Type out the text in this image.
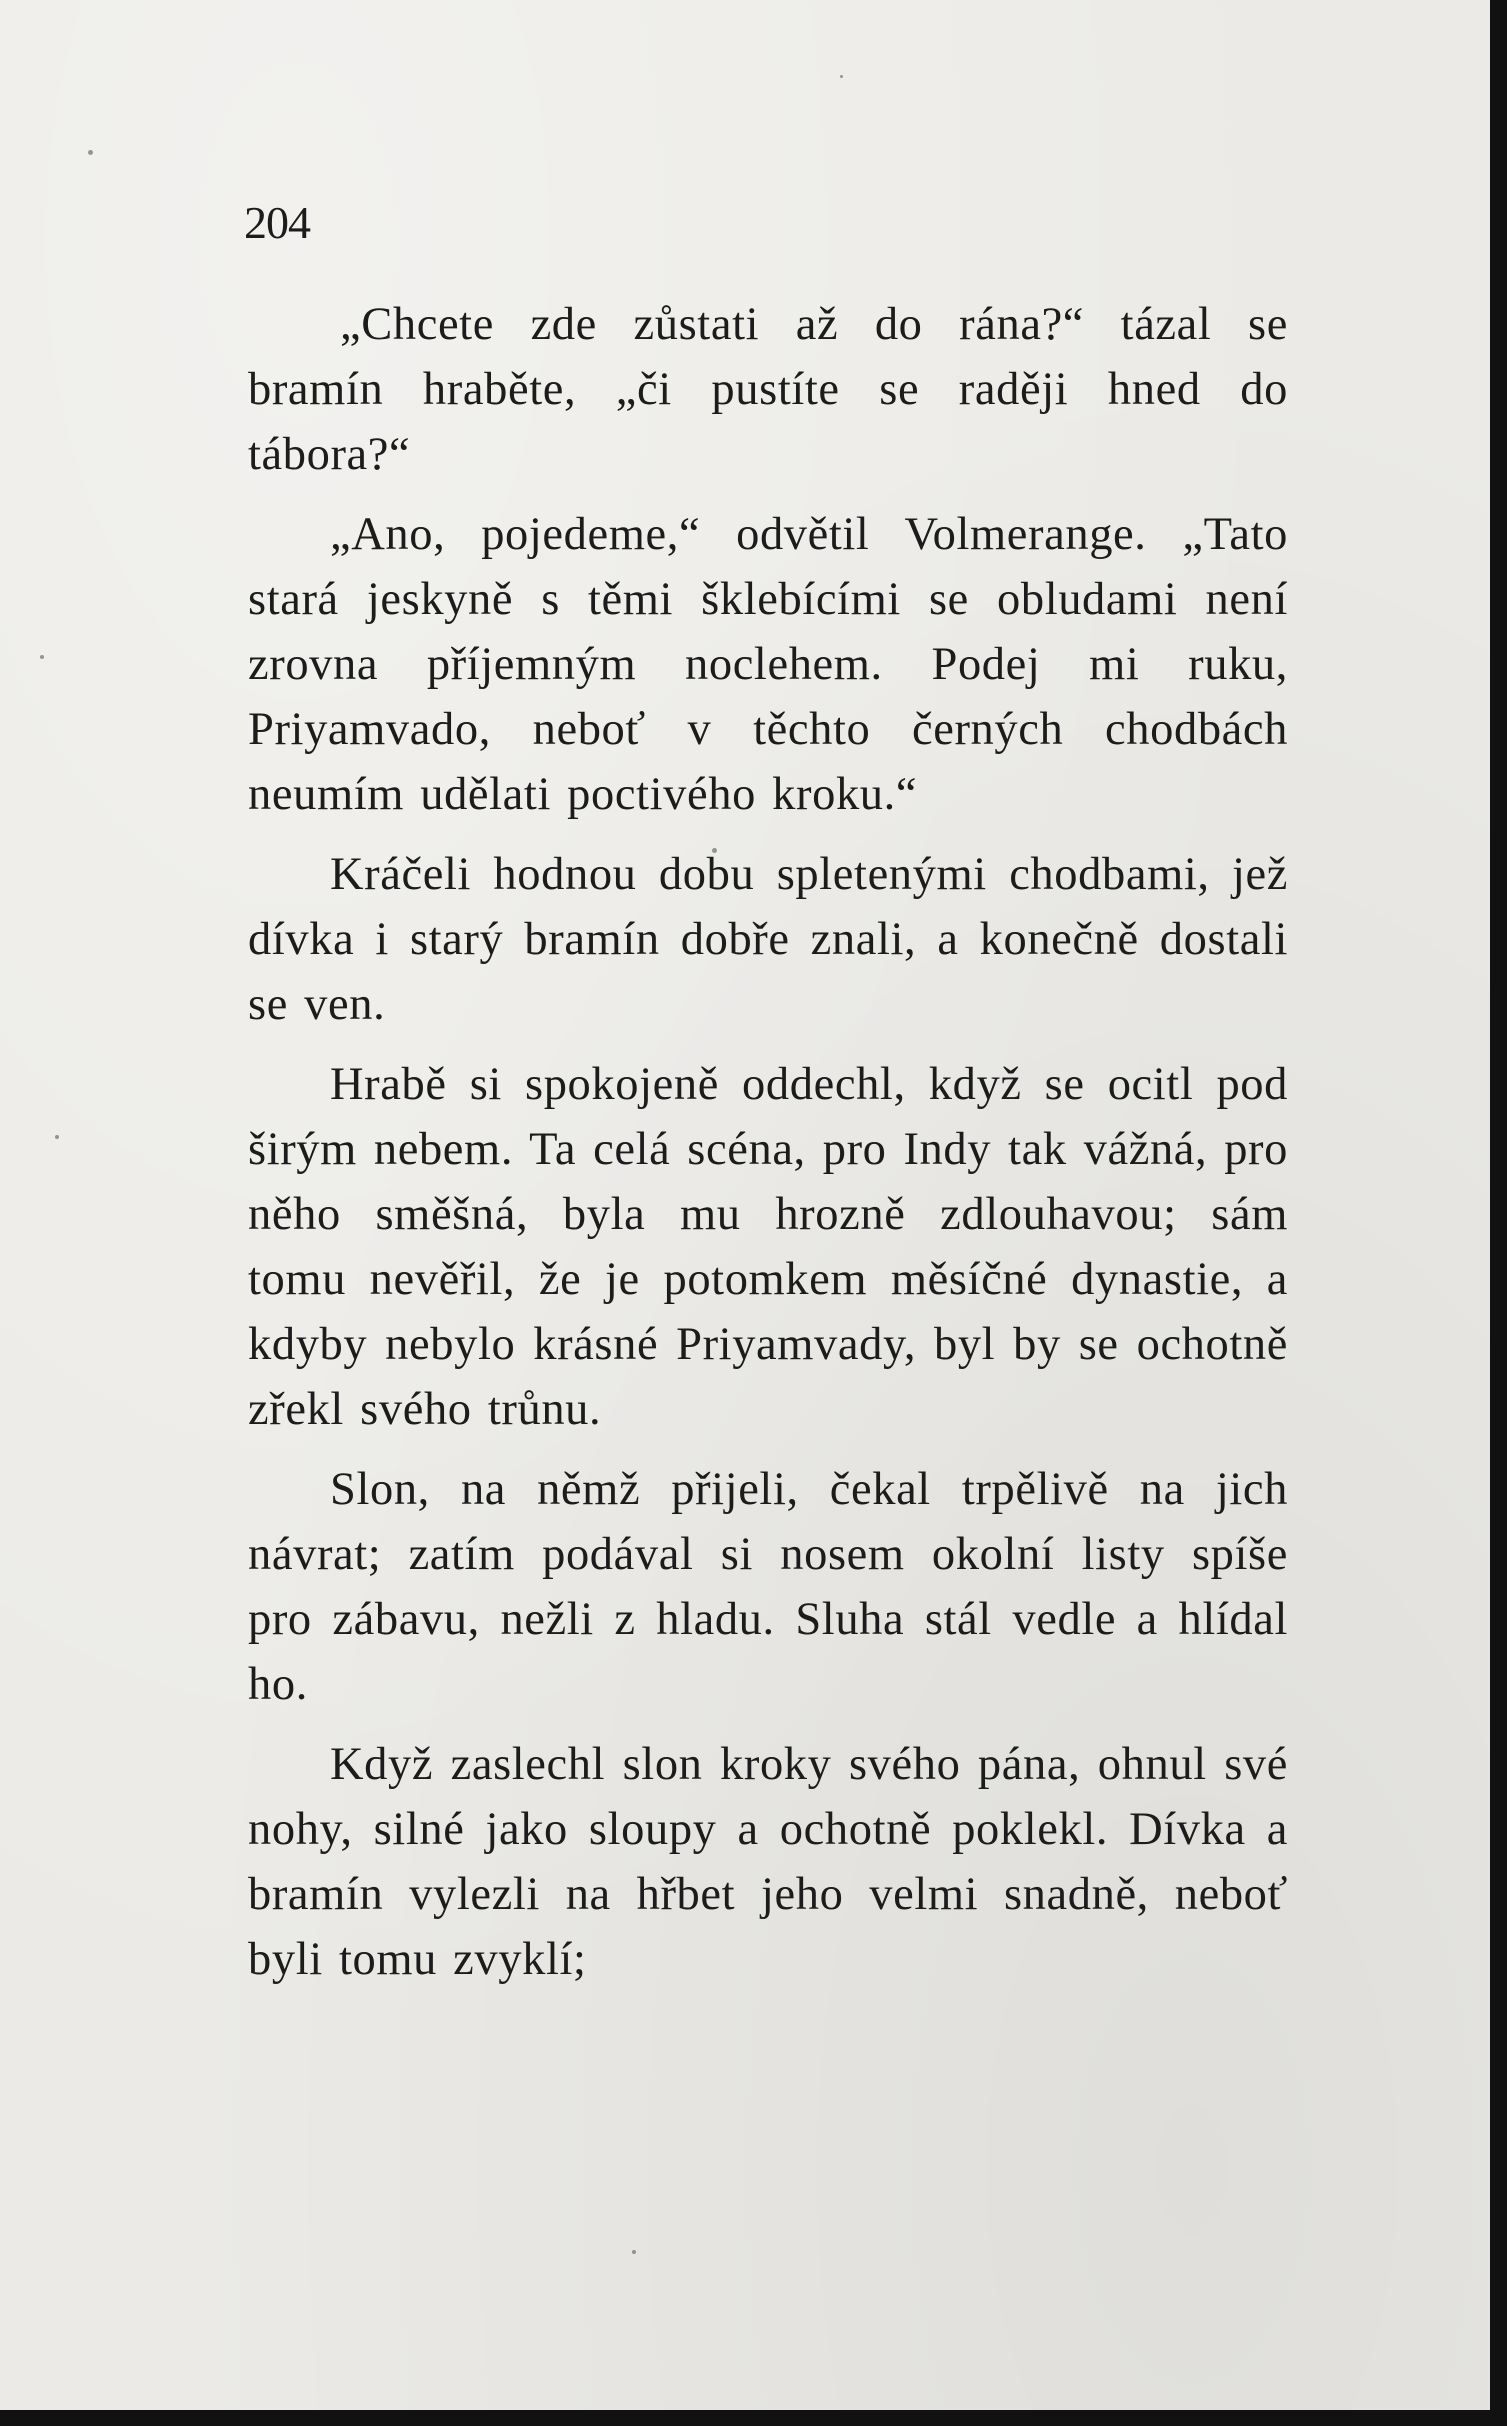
204

„Chcete zde zůstati až do rána?“ tázal se bramín hraběte, „či pustíte se raději hned do tábora?“

„Ano, pojedeme,“ odvětil Volmerange. „Tato stará jeskyně s těmi šklebícími se obludami není zrovna příjemným noclehem. Podej mi ruku, Priyamvado, neboť v těchto černých chodbách neumím udělati poctivého kroku.“

Kráčeli hodnou dobu spletenými chodbami, jež dívka i starý bramín dobře znali, a konečně dostali se ven.

Hrabě si spokojeně oddechl, když se ocitl pod širým nebem. Ta celá scéna, pro Indy tak vážná, pro něho směšná, byla mu hrozně zdlouhavou; sám tomu nevěřil, že je potomkem měsíčné dynastie, a kdyby nebylo krásné Priyamvady, byl by se ochotně zřekl svého trůnu.

Slon, na němž přijeli, čekal trpělivě na jich návrat; zatím podával si nosem okolní listy spíše pro zábavu, nežli z hladu. Sluha stál vedle a hlídal ho.

Když zaslechl slon kroky svého pána, ohnul své nohy, silné jako sloupy a ochotně poklekl. Dívka a bramín vylezli na hřbet jeho velmi snadně, neboť byli tomu zvyklí;
